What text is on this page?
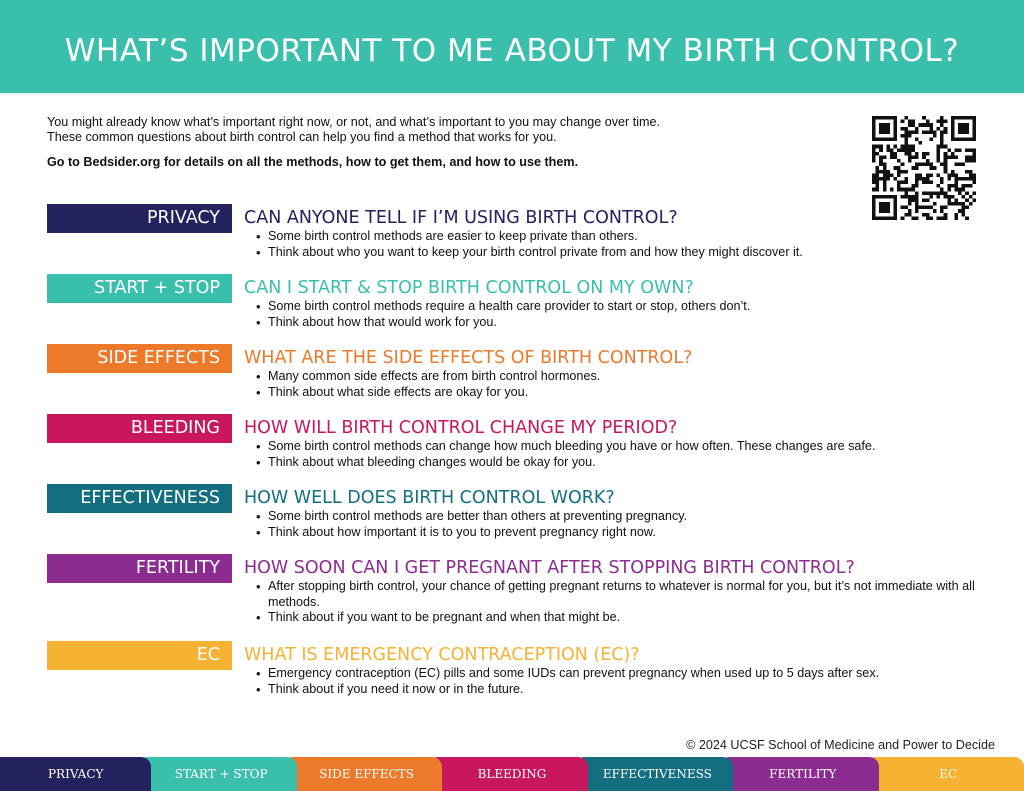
WHAT’S IMPORTANT TO ME ABOUT MY BIRTH CONTROL?

You might already know what’s important right now, or not, and what’s important to you may change over time.

These common questions about birth control can help you find a method that works for you.

Go to Bedsider.org for details on all the methods, how to get them, and how to use them.

PRIVACY	CAN ANYONE TELL IF I’M USING BIRTH CONTROL?
• Some birth control methods are easier to keep private than others.
• Think about who you want to keep your birth control private from and how they might discover it.
START + STOP	CAN I START & STOP BIRTH CONTROL ON MY OWN?
• Some birth control methods require a health care provider to start or stop, others don’t.
• Think about how that would work for you.
SIDE EFFECTS	WHAT ARE THE SIDE EFFECTS OF BIRTH CONTROL?
• Many common side effects are from birth control hormones.
• Think about what side effects are okay for you.
BLEEDING	HOW WILL BIRTH CONTROL CHANGE MY PERIOD?
• Some birth control methods can change how much bleeding you have or how often. These changes are safe.
• Think about what bleeding changes would be okay for you.
EFFECTIVENESS	HOW WELL DOES BIRTH CONTROL WORK?
• Some birth control methods are better than others at preventing pregnancy.
• Think about how important it is to you to prevent pregnancy right now.
FERTILITY	HOW SOON CAN I GET PREGNANT AFTER STOPPING BIRTH CONTROL?
• After stopping birth control, your chance of getting pregnant returns to whatever is normal for you, but it’s not immediate with all methods.
• Think about if you want to be pregnant and when that might be.
EC	WHAT IS EMERGENCY CONTRACEPTION (EC)?
• Emergency contraception (EC) pills and some IUDs can prevent pregnancy when used up to 5 days after sex.
• Think about if you need it now or in the future.
© 2024 UCSF School of Medicine and Power to Decide
PRIVACY	START + STOP	SIDE EFFECTS	BLEEDING	EFFECTIVENESS	FERTILITY	EC
